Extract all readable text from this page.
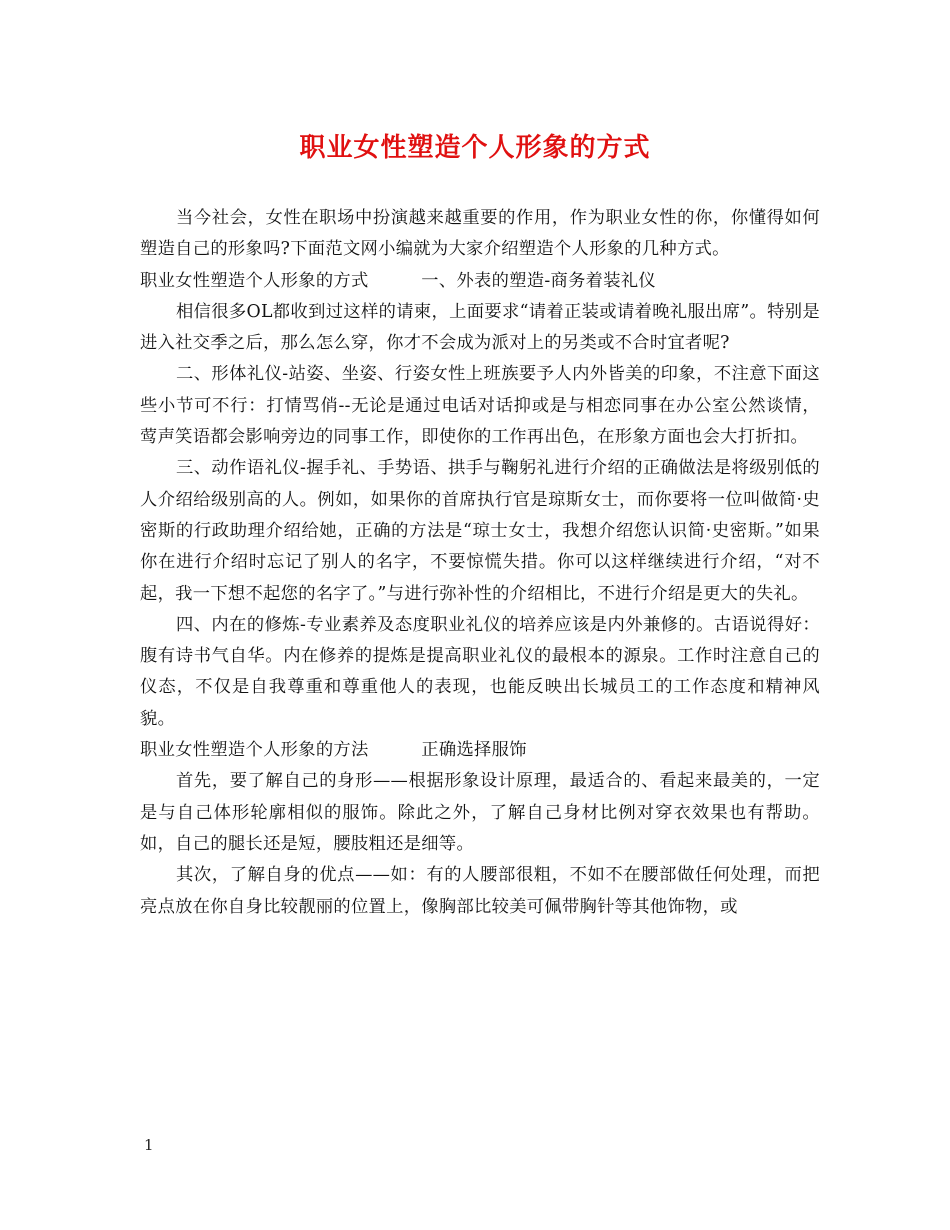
职业女性塑造个人形象的方式

当今社会，女性在职场中扮演越来越重要的作用，作为职业女性的你，你懂得如何塑造自己的形象吗?下面范文网小编就为大家介绍塑造个人形象的几种方式。

职业女性塑造个人形象的方式　　　一、外表的塑造-商务着装礼仪

相信很多OL都收到过这样的请柬，上面要求“请着正装或请着晚礼服出席”。特别是进入社交季之后，那么怎么穿，你才不会成为派对上的另类或不合时宜者呢?

二、形体礼仪-站姿、坐姿、行姿女性上班族要予人内外皆美的印象，不注意下面这些小节可不行：打情骂俏--无论是通过电话对话抑或是与相恋同事在办公室公然谈情，莺声笑语都会影响旁边的同事工作，即使你的工作再出色，在形象方面也会大打折扣。

三、动作语礼仪-握手礼、手势语、拱手与鞠躬礼进行介绍的正确做法是将级别低的人介绍给级别高的人。例如，如果你的首席执行官是琼斯女士，而你要将一位叫做简·史密斯的行政助理介绍给她，正确的方法是“琼士女士，我想介绍您认识简·史密斯。”如果你在进行介绍时忘记了别人的名字，不要惊慌失措。你可以这样继续进行介绍，“对不起，我一下想不起您的名字了。”与进行弥补性的介绍相比，不进行介绍是更大的失礼。

四、内在的修炼-专业素养及态度职业礼仪的培养应该是内外兼修的。古语说得好：腹有诗书气自华。内在修养的提炼是提高职业礼仪的最根本的源泉。工作时注意自己的仪态，不仅是自我尊重和尊重他人的表现，也能反映出长城员工的工作态度和精神风貌。

职业女性塑造个人形象的方法　　　正确选择服饰

首先，要了解自己的身形——根据形象设计原理，最适合的、看起来最美的，一定是与自己体形轮廓相似的服饰。除此之外，了解自己身材比例对穿衣效果也有帮助。如，自己的腿长还是短，腰肢粗还是细等。

其次，了解自身的优点——如：有的人腰部很粗，不如不在腰部做任何处理，而把亮点放在你自身比较靓丽的位置上，像胸部比较美可佩带胸针等其他饰物，或

1
